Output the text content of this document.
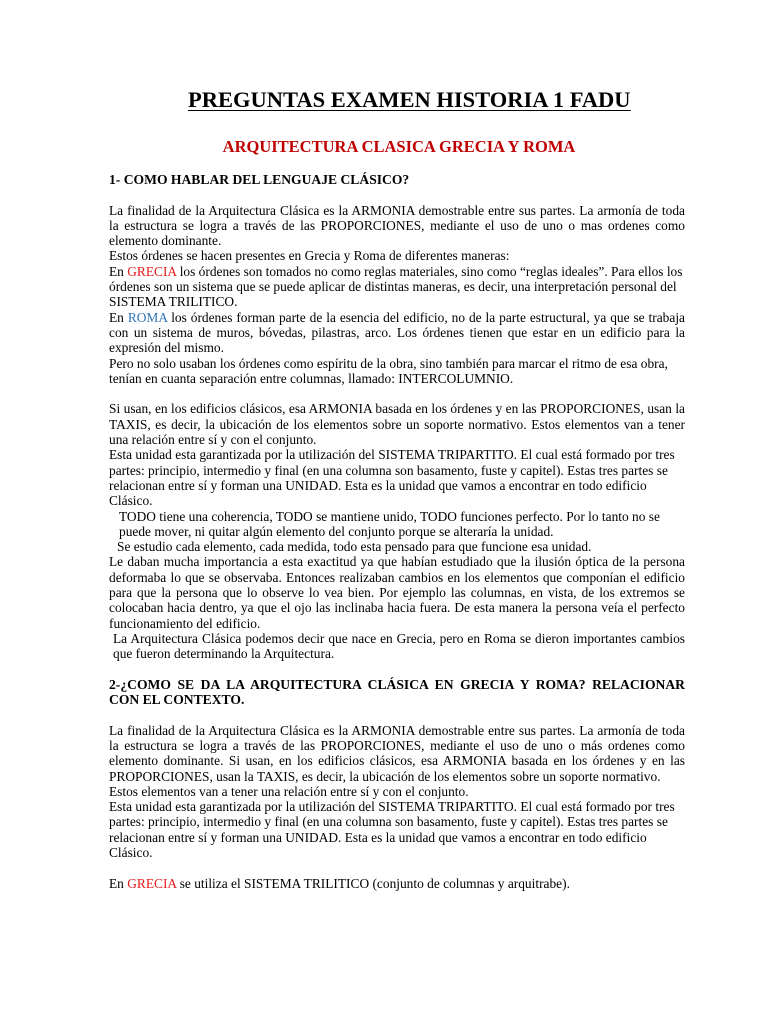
PREGUNTAS EXAMEN HISTORIA 1 FADU
ARQUITECTURA CLASICA GRECIA Y ROMA

1- COMO HABLAR DEL LENGUAJE CLÁSICO?

La finalidad de la Arquitectura Clásica es la ARMONIA demostrable entre sus partes. La armonía de toda la estructura se logra a través de las PROPORCIONES, mediante el uso de uno o mas ordenes como elemento dominante.

Estos órdenes se hacen presentes en Grecia y Roma de diferentes maneras:

En GRECIA los órdenes son tomados no como reglas materiales, sino como “reglas ideales”. Para ellos los órdenes son un sistema que se puede aplicar de distintas maneras, es decir, una interpretación personal del SISTEMA TRILITICO.

En ROMA los órdenes forman parte de la esencia del edificio, no de la parte estructural, ya que se trabaja con un sistema de muros, bóvedas, pilastras, arco. Los órdenes tienen que estar en un edificio para la expresión del mismo.

Pero no solo usaban los órdenes como espíritu de la obra, sino también para marcar el ritmo de esa obra, tenían en cuanta separación entre columnas, llamado: INTERCOLUMNIO.

Si usan, en los edificios clásicos, esa ARMONIA basada en los órdenes y en las PROPORCIONES, usan la TAXIS, es decir, la ubicación de los elementos sobre un soporte normativo. Estos elementos van a tener una relación entre sí y con el conjunto.

Esta unidad esta garantizada por la utilización del SISTEMA TRIPARTITO. El cual está formado por tres partes: principio, intermedio y final (en una columna son basamento, fuste y capitel). Estas tres partes se relacionan entre sí y forman una UNIDAD. Esta es la unidad que vamos a encontrar en todo edificio Clásico.

TODO tiene una coherencia, TODO se mantiene unido, TODO funciones perfecto. Por lo tanto no se puede mover, ni quitar algún elemento del conjunto porque se alteraría la unidad.

Se estudio cada elemento, cada medida, todo esta pensado para que funcione esa unidad.

Le daban mucha importancia a esta exactitud ya que habían estudiado que la ilusión óptica de la persona deformaba lo que se observaba. Entonces realizaban cambios en los elementos que componían el edificio para que la persona que lo observe lo vea bien. Por ejemplo las columnas, en vista, de los extremos se colocaban hacia dentro, ya que el ojo las inclinaba hacia fuera. De esta manera la persona veía el perfecto funcionamiento del edificio.

La Arquitectura Clásica podemos decir que nace en Grecia, pero en Roma se dieron importantes cambios que fueron determinando la Arquitectura.

2-¿COMO SE DA LA ARQUITECTURA CLÁSICA EN GRECIA Y ROMA? RELACIONAR CON EL CONTEXTO.

La finalidad de la Arquitectura Clásica es la ARMONIA demostrable entre sus partes. La armonía de toda la estructura se logra a través de las PROPORCIONES, mediante el uso de uno o más ordenes como elemento dominante. Si usan, en los edificios clásicos, esa ARMONIA basada en los órdenes y en las PROPORCIONES, usan la TAXIS, es decir, la ubicación de los elementos sobre un soporte normativo.

Estos elementos van a tener una relación entre sí y con el conjunto.

Esta unidad esta garantizada por la utilización del SISTEMA TRIPARTITO. El cual está formado por tres partes: principio, intermedio y final (en una columna son basamento, fuste y capitel). Estas tres partes se relacionan entre sí y forman una UNIDAD. Esta es la unidad que vamos a encontrar en todo edificio Clásico.

En GRECIA se utiliza el SISTEMA TRILITICO (conjunto de columnas y arquitrabe).
